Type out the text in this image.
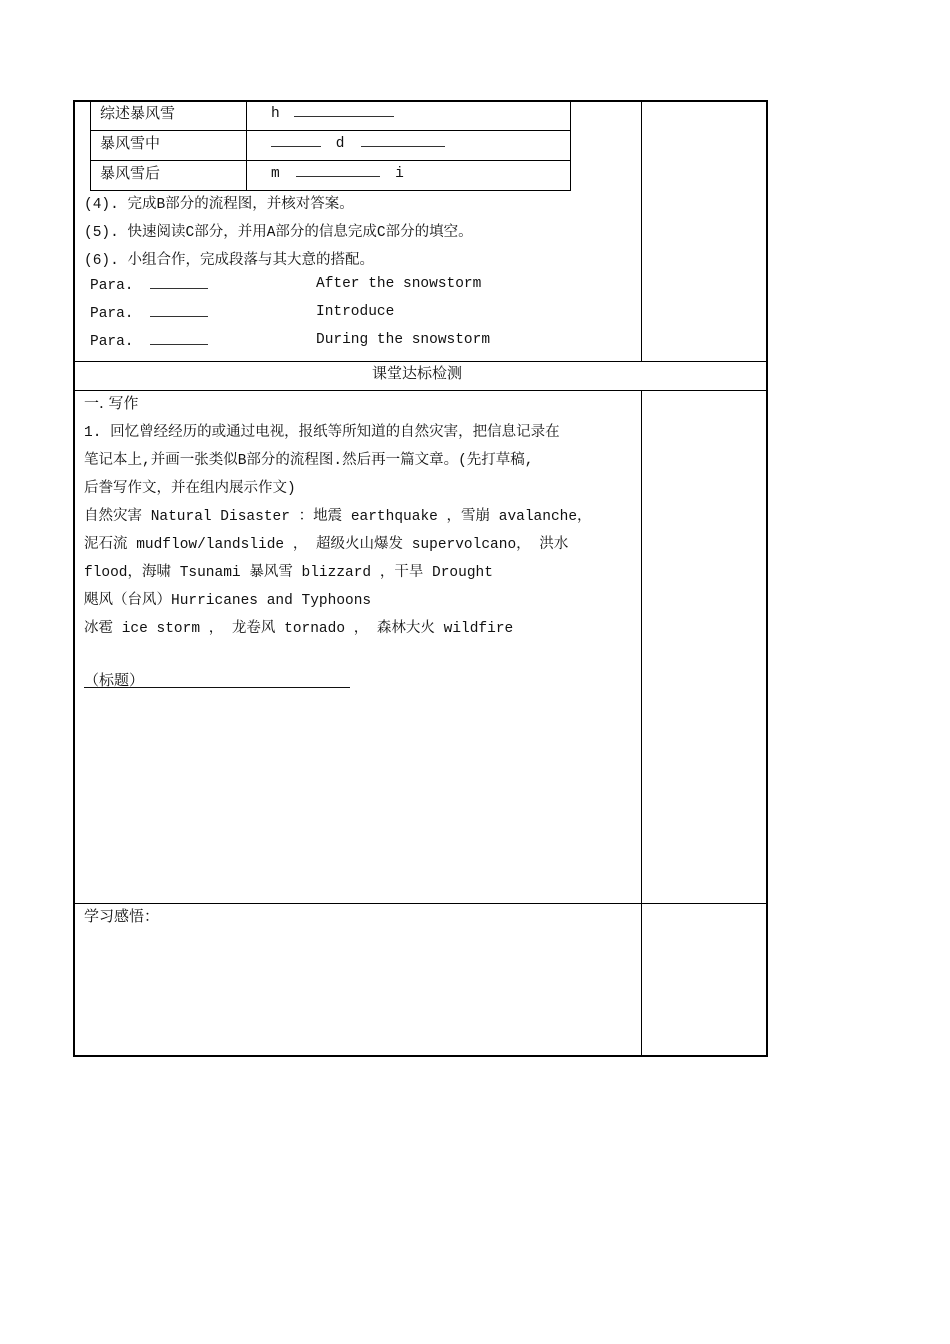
综述暴风雪	h
暴风雪中	d
暴风雪后	m	i
(4). 完成B部分的流程图，并核对答案。
(5). 快速阅读C部分，并用A部分的信息完成C部分的填空。
(6). 小组合作，完成段落与其大意的搭配。
Para.	After the snowstorm
Para.	Introduce
Para.	During the snowstorm
课堂达标检测
一. 写作
1. 回忆曾经经历的或通过电视，报纸等所知道的自然灾害，把信息记录在
笔记本上,并画一张类似B部分的流程图.然后再一篇文章。(先打草稿,
后誊写作文，并在组内展示作文)
自然灾害 Natural Disaster ：地震 earthquake ，雪崩 avalanche，
泥石流 mudflow/landslide ， 超级火山爆发 supervolcano， 洪水
flood，海啸 Tsunami 暴风雪 blizzard ，干旱 Drought
飓风（台风）Hurricanes and Typhoons
冰雹 ice storm ， 龙卷风 tornado ， 森林大火 wildfire
（标题）
学习感悟：
